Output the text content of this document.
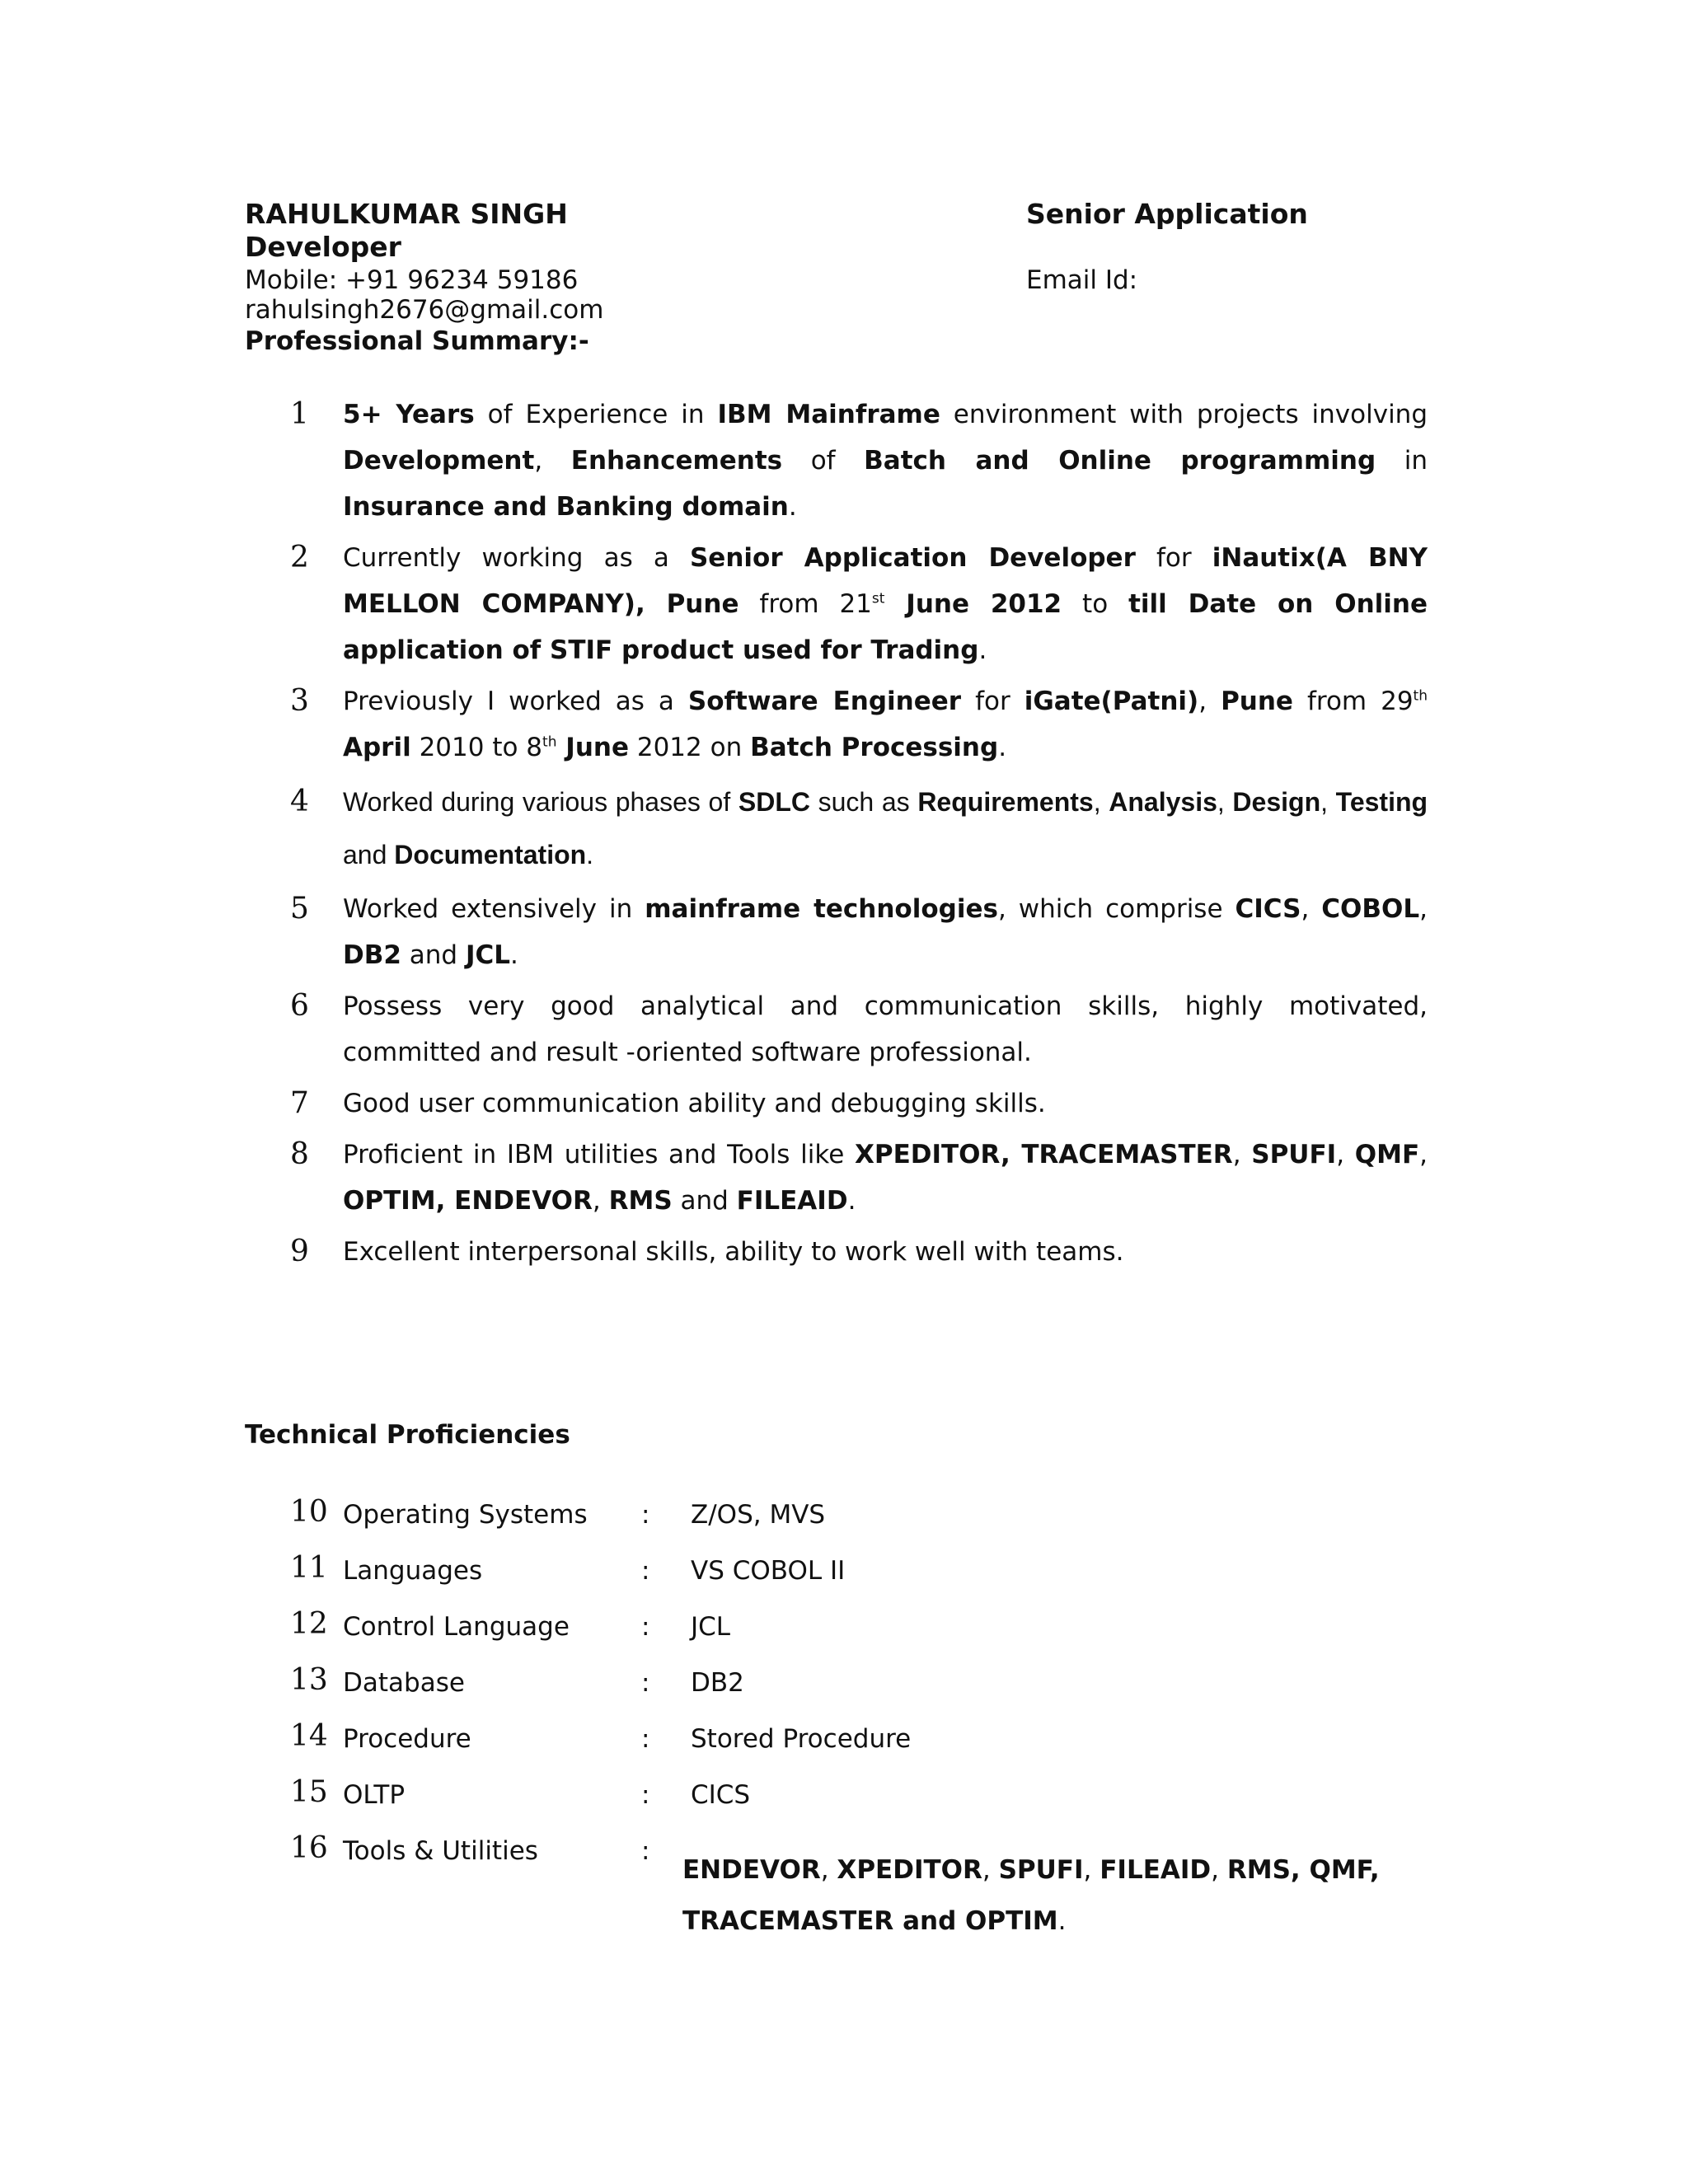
RAHULKUMAR SINGH	Senior Application
Developer
Mobile: +91 96234 59186	Email Id:
rahulsingh2676@gmail.com
Professional Summary:-
1 5+ Years of Experience in IBM Mainframe environment with projects involving Development, Enhancements of Batch and Online programming in Insurance and Banking domain.
2 Currently working as a Senior Application Developer for iNautix(A BNY MELLON COMPANY), Pune from 21st June 2012 to till Date on Online application of STIF product used for Trading.
3 Previously I worked as a Software Engineer for iGate(Patni), Pune from 29th April 2010 to 8th June 2012 on Batch Processing.
4 Worked during various phases of SDLC such as Requirements, Analysis, Design, Testing and Documentation.
5 Worked extensively in mainframe technologies, which comprise CICS, COBOL, DB2 and JCL.
6 Possess very good analytical and communication skills, highly motivated, committed and result -oriented software professional.
7 Good user communication ability and debugging skills.
8 Proficient in IBM utilities and Tools like XPEDITOR, TRACEMASTER, SPUFI, QMF, OPTIM, ENDEVOR, RMS and FILEAID.
9 Excellent interpersonal skills, ability to work well with teams.
Technical Proficiencies
10 Operating Systems : Z/OS, MVS
11 Languages	: VS COBOL II
12 Control Language	: JCL
13 Database	: DB2
14 Procedure	: Stored Procedure
15 OLTP	: CICS
16 Tools & Utilities	:
ENDEVOR, XPEDITOR, SPUFI, FILEAID, RMS, QMF, TRACEMASTER and OPTIM.
